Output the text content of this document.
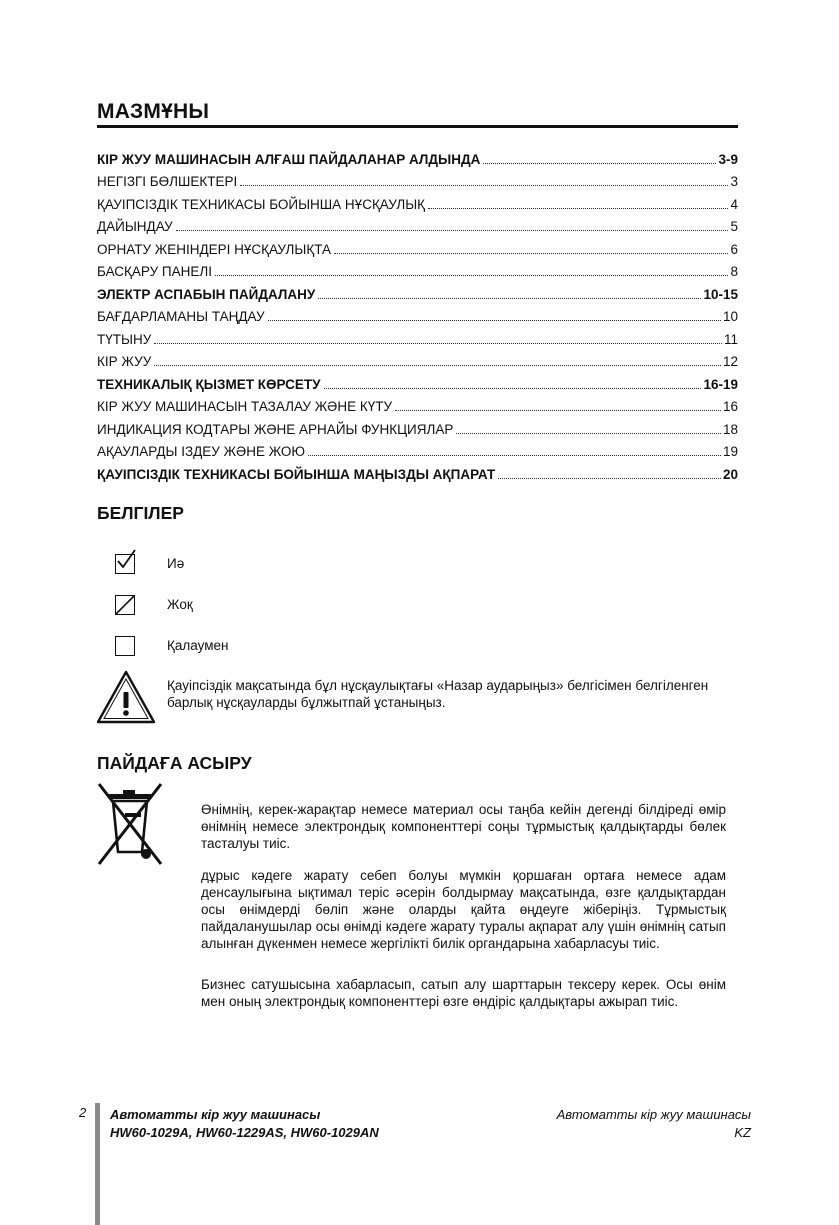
МАЗМҰНЫ
КІР ЖУУ МАШИНАСЫН АЛҒАШ ПАЙДАЛАНАР АЛДЫНДА	3-9
НЕГІЗГІ БӨЛШЕКТЕРІ	3
ҚАУІПСІЗДІК ТЕХНИКАСЫ БОЙЫНША НҰСҚАУЛЫҚ	4
ДАЙЫНДАУ	5
ОРНАТУ ЖЕНІНДЕРІ НҰСҚАУЛЫҚТА	6
БАСҚАРУ ПАНЕЛІ	8
ЭЛЕКТР АСПАБЫН ПАЙДАЛАНУ	10-15
БАҒДАРЛАМАНЫ ТАҢДАУ	10
ТҮТЫНУ	11
КІР ЖУУ	12
ТЕХНИКАЛЫҚ ҚЫЗМЕТ КӨРСЕТУ	16-19
КІР ЖУУ МАШИНАСЫН ТАЗАЛАУ ЖӘНЕ КҮТУ	16
ИНДИКАЦИЯ КОДТАРЫ ЖӘНЕ АРНАЙЫ ФУНКЦИЯЛАР	18
АҚАУЛАРДЫ ІЗДЕУ ЖӘНЕ ЖОЮ	19
ҚАУІПСІЗДІК ТЕХНИКАСЫ БОЙЫНША МАҢЫЗДЫ АҚПАРАТ	20
БЕЛГІЛЕР
Иә
Жоқ
Қалаумен
Қауіпсіздік мақсатында бұл нұсқаулықтағы «Назар аударыңыз» белгісімен белгіленген барлық нұсқауларды бұлжытпай ұстаныңыз.
ПАЙДАҒА АСЫРУ

Өнімнің, керек-жарақтар немесе материал осы таңба кейін дегенді білдіреді өмір өнімнің немесе электрондық компоненттері соңы тұрмыстық қалдықтарды бөлек тасталуы тиіс.

дұрыс кәдеге жарату себеп болуы мүмкін қоршаған ортаға немесе адам денсаулығына ықтимал теріс әсерін болдырмау мақсатында, өзге қалдықтардан осы өнімдерді бөліп және оларды қайта өңдеуге жіберіңіз. Тұрмыстық пайдаланушылар осы өнімді кәдеге жарату туралы ақпарат алу үшін өнімнің сатып алынған дүкенмен немесе жергілікті билік органдарына хабарласуы тиіс.

Бизнес сатушысына хабарласып, сатып алу шарттарын тексеру керек. Осы өнім мен оның электрондық компоненттері өзге өндіріс қалдықтары ажырап тиіс.

2 Автоматты кір жуу машинасы
HW60-1029A, HW60-1229AS, HW60-1029AN
Автоматты кір жуу машинасы
KZ
